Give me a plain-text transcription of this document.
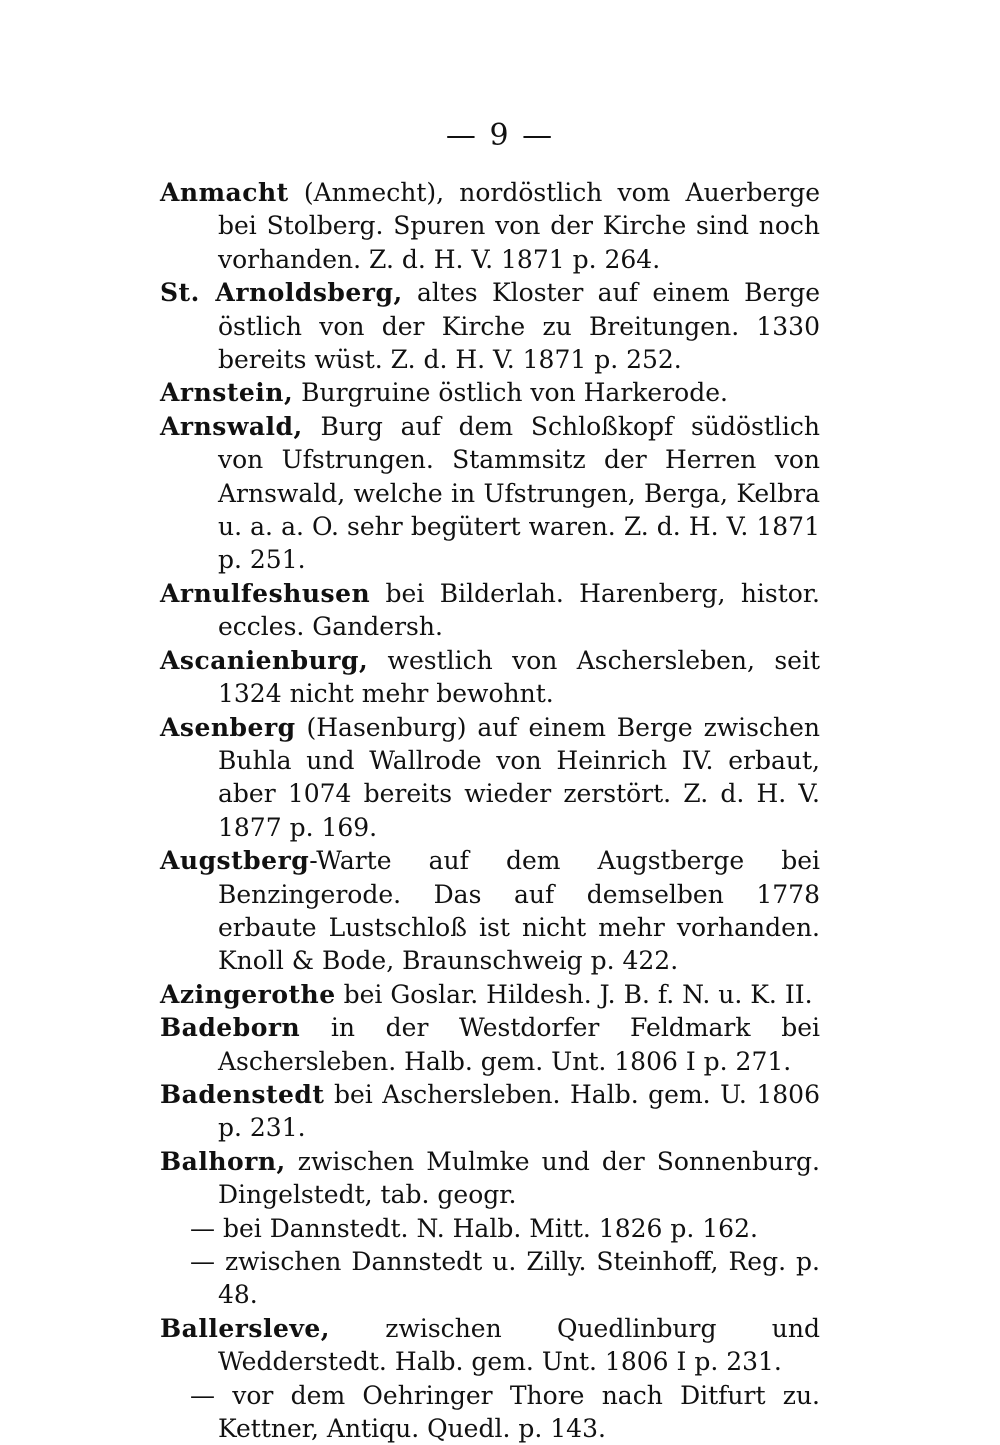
— 9 —
Anmacht (Anmecht), nordöstlich vom Auerberge bei Stolberg. Spuren von der Kirche sind noch vorhanden. Z. d. H. V. 1871 p. 264.
St. Arnoldsberg, altes Kloster auf einem Berge östlich von der Kirche zu Breitungen. 1330 bereits wüst. Z. d. H. V. 1871 p. 252.
Arnstein, Burgruine östlich von Harkerode.
Arnswald, Burg auf dem Schloßkopf südöstlich von Ufstrungen. Stammsitz der Herren von Arnswald, welche in Ufstrungen, Berga, Kelbra u. a. a. O. sehr begütert waren. Z. d. H. V. 1871 p. 251.
Arnulfeshusen bei Bilderlah. Harenberg, histor. eccles. Gandersh.
Ascanienburg, westlich von Aschersleben, seit 1324 nicht mehr bewohnt.
Asenberg (Hasenburg) auf einem Berge zwischen Buhla und Wallrode von Heinrich IV. erbaut, aber 1074 bereits wieder zerstört. Z. d. H. V. 1877 p. 169.
Augstberg-Warte auf dem Augstberge bei Benzingerode. Das auf demselben 1778 erbaute Lustschloß ist nicht mehr vorhanden. Knoll & Bode, Braunschweig p. 422.
Azingerothe bei Goslar. Hildesh. J. B. f. N. u. K. II.
Badeborn in der Westdorfer Feldmark bei Aschersleben. Halb. gem. Unt. 1806 I p. 271.
Badenstedt bei Aschersleben. Halb. gem. U. 1806 p. 231.
Balhorn, zwischen Mulmke und der Sonnenburg. Dingelstedt, tab. geogr.
— bei Dannstedt. N. Halb. Mitt. 1826 p. 162.
— zwischen Dannstedt u. Zilly. Steinhoff, Reg. p. 48.
Ballersleve, zwischen Quedlinburg und Wedderstedt. Halb. gem. Unt. 1806 I p. 231.
— vor dem Oehringer Thore nach Ditfurt zu. Kettner, Antiqu. Quedl. p. 143.
